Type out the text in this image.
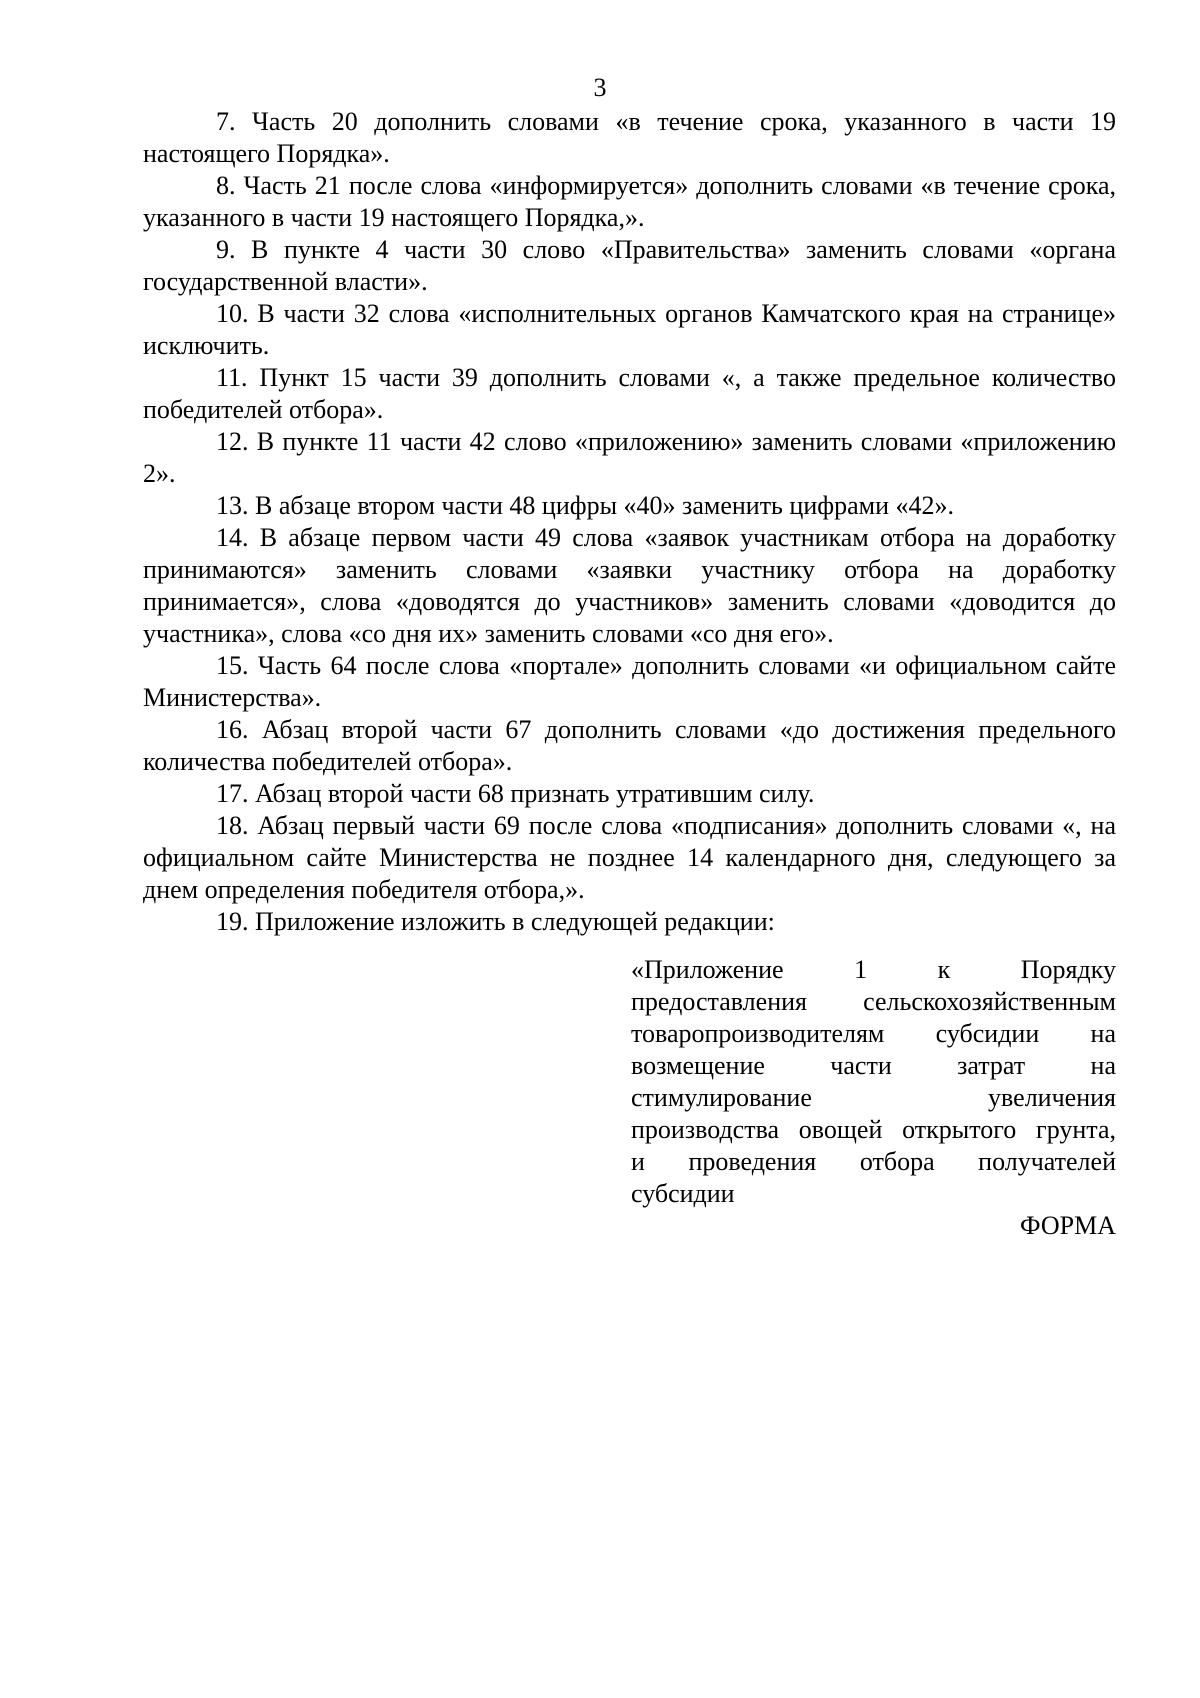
3

7. Часть 20 дополнить словами «в течение срока, указанного в части 19 настоящего Порядка».

8. Часть 21 после слова «информируется» дополнить словами «в течение срока, указанного в части 19 настоящего Порядка,».

9. В пункте 4 части 30 слово «Правительства» заменить словами «органа государственной власти».

10. В части 32 слова «исполнительных органов Камчатского края на странице» исключить.

11. Пункт 15 части 39 дополнить словами «, а также предельное количество победителей отбора».

12. В пункте 11 части 42 слово «приложению» заменить словами «приложению 2».

13. В абзаце втором части 48 цифры «40» заменить цифрами «42».

14. В абзаце первом части 49 слова «заявок участникам отбора на доработку принимаются» заменить словами «заявки участнику отбора на доработку принимается», слова «доводятся до участников» заменить словами «доводится до участника», слова «со дня их» заменить словами «со дня его».

15. Часть 64 после слова «портале» дополнить словами «и официальном сайте Министерства».

16. Абзац второй части 67 дополнить словами «до достижения предельного количества победителей отбора».

17. Абзац второй части 68 признать утратившим силу.

18. Абзац первый части 69 после слова «подписания» дополнить словами «, на официальном сайте Министерства не позднее 14 календарного дня, следующего за днем определения победителя отбора,».

19. Приложение изложить в следующей редакции:

«Приложение 1 к Порядку
предоставления сельскохозяйственным
товаропроизводителям субсидии на
возмещение части затрат на
стимулирование увеличения
производства овощей открытого грунта,
и проведения отбора получателей
субсидии
ФОРМА
